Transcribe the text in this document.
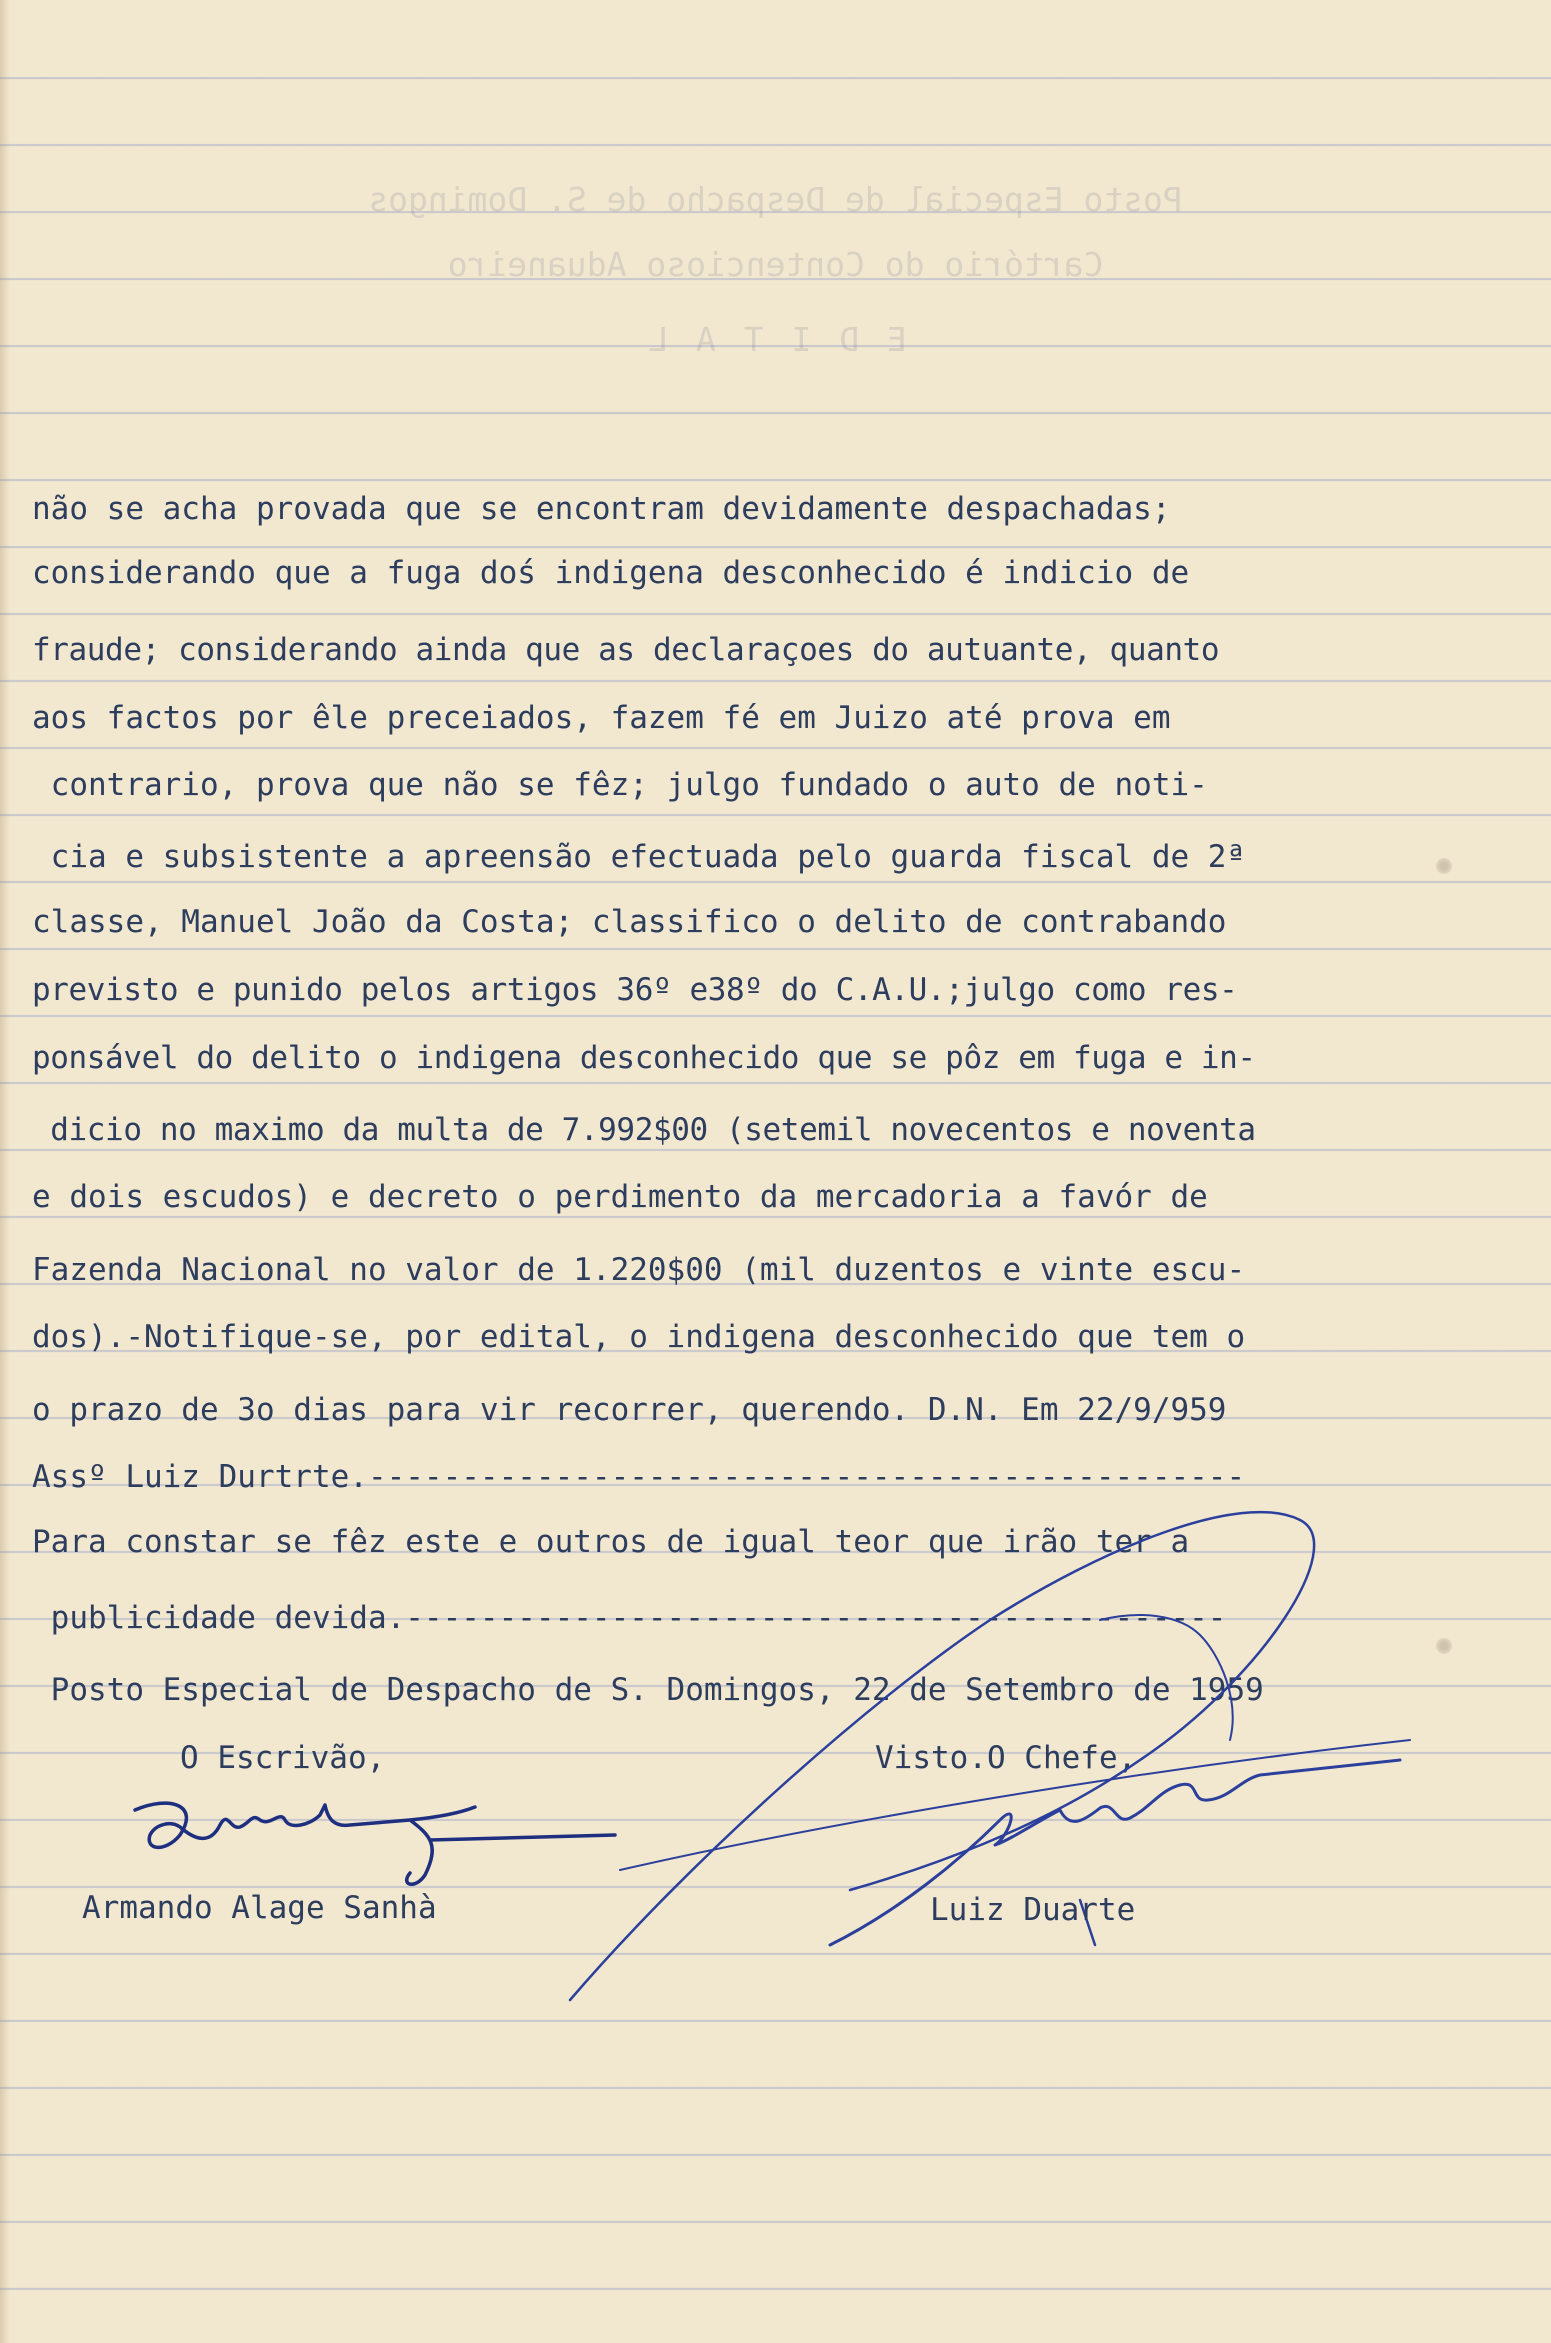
Posto Especial de Despacho de S. Domingos
Cartório do Contencioso Aduaneiro
E D I T A L
não se acha provada que se encontram devidamente despachadas;
considerando que a fuga doś indigena desconhecido é indicio de
fraude; considerando ainda que as declaraçoes do autuante, quanto
aos factos por êle preceiados, fazem fé em Juizo até prova em
contrario, prova que não se fêz; julgo fundado o auto de noti-
cia e subsistente a apreensão efectuada pelo guarda fiscal de 2ª
classe, Manuel João da Costa; classifico o delito de contrabando
previsto e punido pelos artigos 36º e38º do C.A.U.;julgo como res-
ponsável do delito o indigena desconhecido que se pôz em fuga e in-
dicio no maximo da multa de 7.992$00 (setemil novecentos e noventa
e dois escudos) e decreto o perdimento da mercadoria a favór de
Fazenda Nacional no valor de 1.220$00 (mil duzentos e vinte escu-
dos).-Notifique-se, por edital, o indigena desconhecido que tem o
o prazo de 3o dias para vir recorrer, querendo. D.N. Em 22/9/959
Assº Luiz Durtrte.-----------------------------------------------
Para constar se fêz este e outros de igual teor que irão ter a
publicidade devida.--------------------------------------------
Posto Especial de Despacho de S. Domingos, 22 de Setembro de 1959
O Escrivão,	Visto.O Chefe,
Armando Alage Sanhà	Luiz Duarte
